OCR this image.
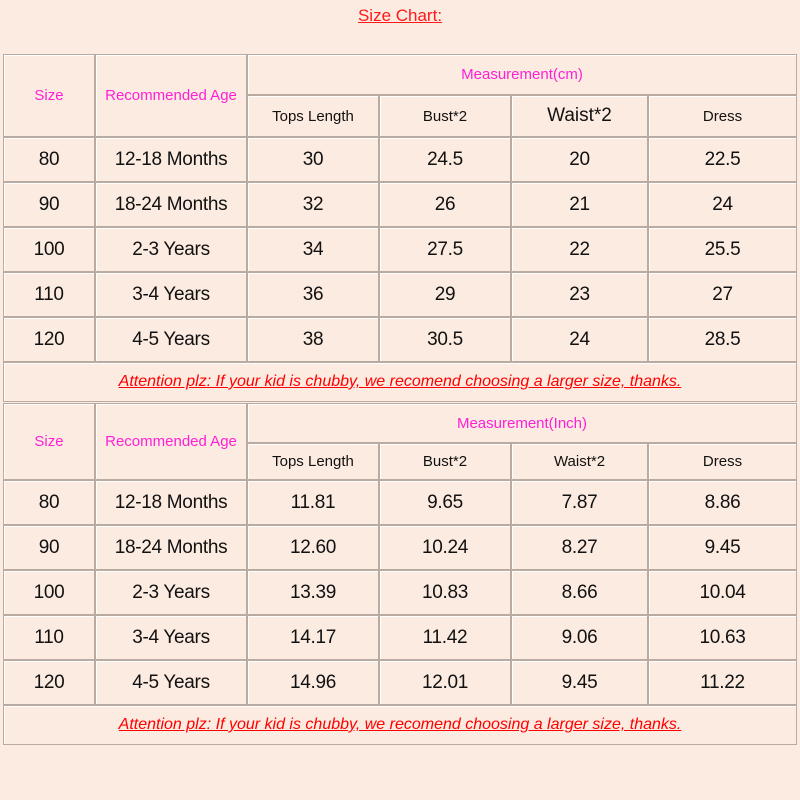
Size Chart:
Size	Recommended Age	Measurement(cm)			
		Tops Length	Bust*2	Waist*2	Dress
80	12-18 Months	30	24.5	20	22.5
90	18-24 Months	32	26	21	24
100	2-3 Years	34	27.5	22	25.5
110	3-4 Years	36	29	23	27
120	4-5 Years	38	30.5	24	28.5
Attention plz: If your kid is chubby, we recomend choosing a larger size, thanks.					
Size	Recommended Age	Measurement(Inch)			
		Tops Length	Bust*2	Waist*2	Dress
80	12-18 Months	11.81	9.65	7.87	8.86
90	18-24 Months	12.60	10.24	8.27	9.45
100	2-3 Years	13.39	10.83	8.66	10.04
110	3-4 Years	14.17	11.42	9.06	10.63
120	4-5 Years	14.96	12.01	9.45	11.22
Attention plz: If your kid is chubby, we recomend choosing a larger size, thanks.					
